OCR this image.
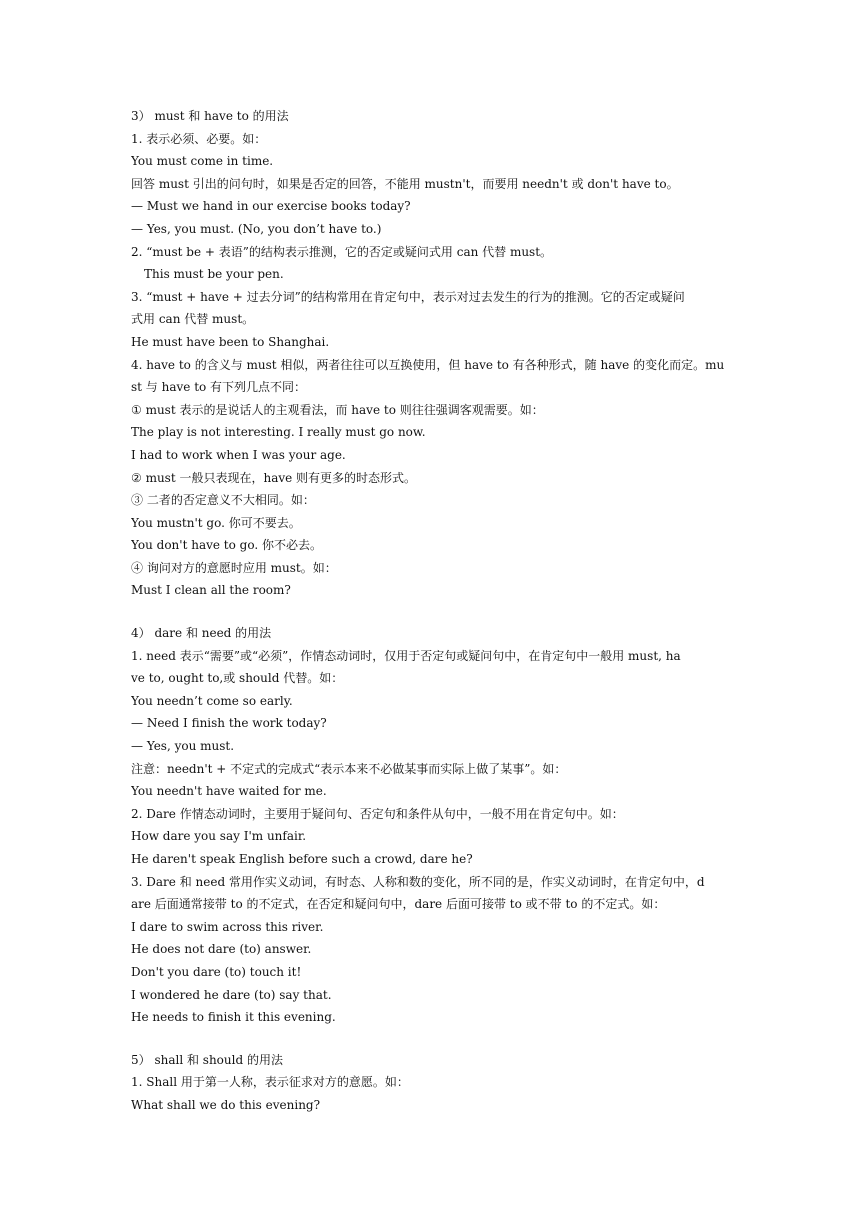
3） must 和 have to 的用法
1. 表示必须、必要。如：
You must come in time.
回答 must 引出的问句时，如果是否定的回答，不能用 mustn't，而要用 needn't 或 don't have to。
— Must we hand in our exercise books today?
— Yes, you must. (No, you don’t have to.)
2. “must be + 表语”的结构表示推测，它的否定或疑问式用 can 代替 must。
This must be your pen.
3. “must + have + 过去分词”的结构常用在肯定句中，表示对过去发生的行为的推测。它的否定或疑问
式用 can 代替 must。
He must have been to Shanghai.
4. have to 的含义与 must 相似，两者往往可以互换使用，但 have to 有各种形式，随 have 的变化而定。mu
st 与 have to 有下列几点不同：
① must 表示的是说话人的主观看法，而 have to 则往往强调客观需要。如：
The play is not interesting. I really must go now.
I had to work when I was your age.
② must 一般只表现在，have 则有更多的时态形式。
③ 二者的否定意义不大相同。如：
You mustn't go. 你可不要去。
You don't have to go. 你不必去。
④ 询问对方的意愿时应用 must。如：
Must I clean all the room?
4） dare 和 need 的用法
1. need 表示“需要”或“必须”，作情态动词时，仅用于否定句或疑问句中，在肯定句中一般用 must, ha
ve to, ought to,或 should 代替。如：
You needn’t come so early.
— Need I finish the work today?
— Yes, you must.
注意：needn't + 不定式的完成式“表示本来不必做某事而实际上做了某事”。如：
You needn't have waited for me.
2. Dare 作情态动词时，主要用于疑问句、否定句和条件从句中，一般不用在肯定句中。如：
How dare you say I'm unfair.
He daren't speak English before such a crowd, dare he?
3. Dare 和 need 常用作实义动词，有时态、人称和数的变化，所不同的是，作实义动词时，在肯定句中，d
are 后面通常接带 to 的不定式，在否定和疑问句中，dare 后面可接带 to 或不带 to 的不定式。如：
I dare to swim across this river.
He does not dare (to) answer.
Don't you dare (to) touch it!
I wondered he dare (to) say that.
He needs to finish it this evening.
5） shall 和 should 的用法
1. Shall 用于第一人称，表示征求对方的意愿。如：
What shall we do this evening?
